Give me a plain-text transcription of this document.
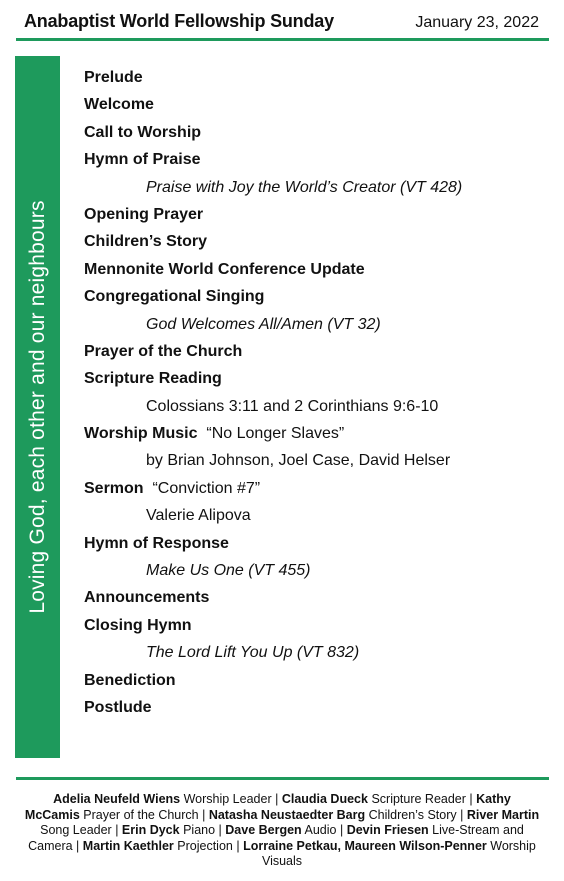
Anabaptist World Fellowship Sunday	January 23, 2022
Loving God, each other and our neighbours
Prelude
Welcome
Call to Worship
Hymn of Praise
Praise with Joy the World’s Creator (VT 428)
Opening Prayer
Children’s Story
Mennonite World Conference Update
Congregational Singing
God Welcomes All/Amen (VT 32)
Prayer of the Church
Scripture Reading
Colossians 3:11 and 2 Corinthians 9:6-10
Worship Music “No Longer Slaves”
by Brian Johnson, Joel Case, David Helser
Sermon “Conviction #7”
Valerie Alipova
Hymn of Response
Make Us One (VT 455)
Announcements
Closing Hymn
The Lord Lift You Up (VT 832)
Benediction
Postlude
Adelia Neufeld Wiens Worship Leader | Claudia Dueck Scripture Reader | Kathy McCamis Prayer of the Church | Natasha Neustaedter Barg Children’s Story | River Martin Song Leader | Erin Dyck Piano | Dave Bergen Audio | Devin Friesen Live-Stream and Camera | Martin Kaethler Projection | Lorraine Petkau, Maureen Wilson-Penner Worship Visuals
